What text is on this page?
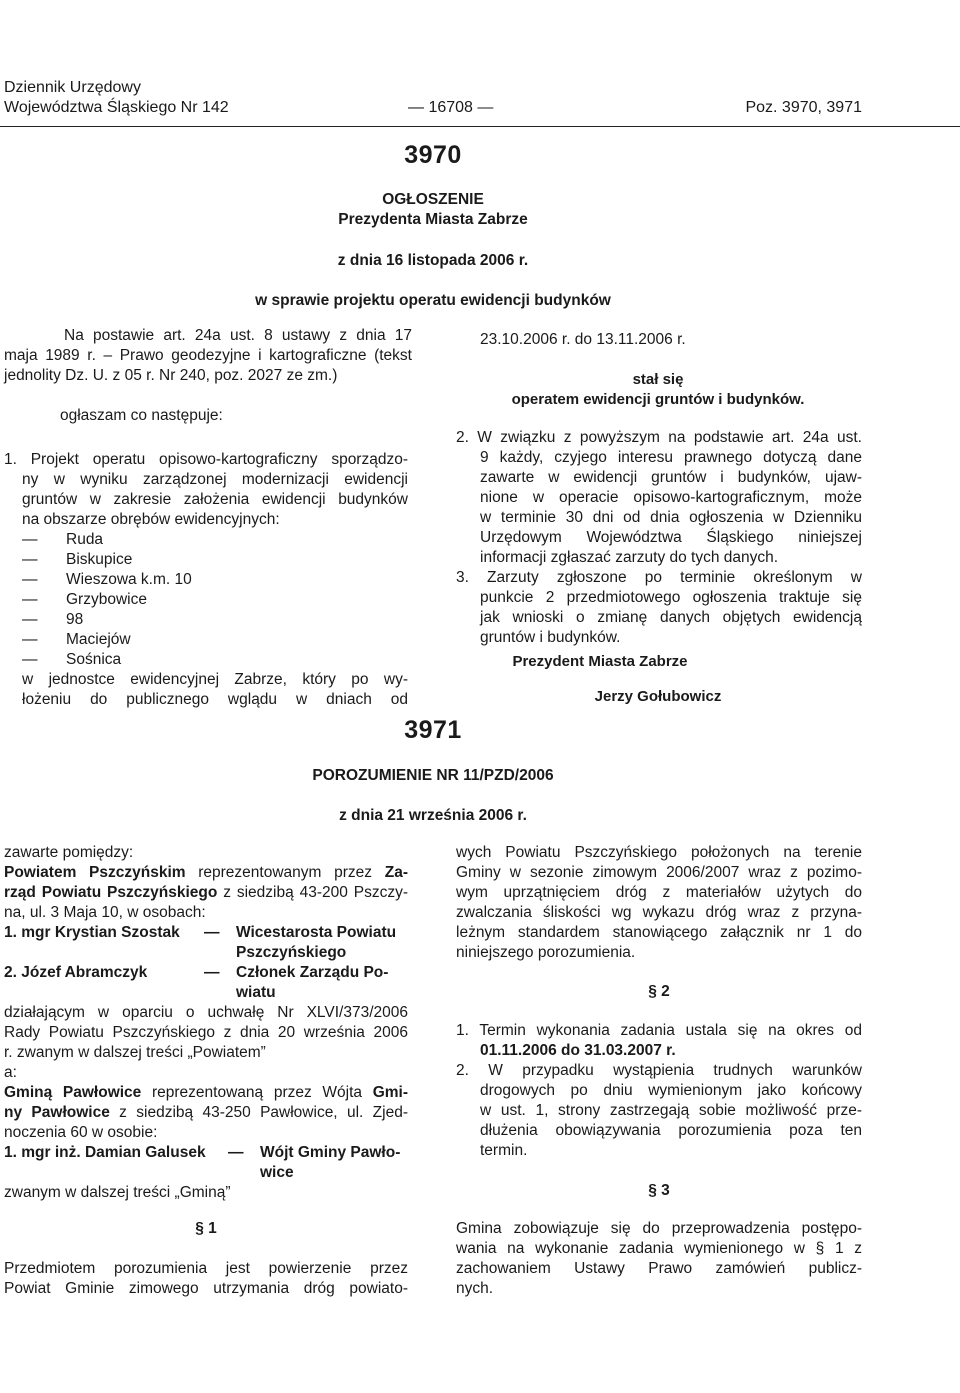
Dziennik Urzędowy
Województwa Śląskiego Nr 142	— 16708 —	Poz. 3970, 3971
3970
OGŁOSZENIE
Prezydenta Miasta Zabrze
z dnia 16 listopada 2006 r.
w sprawie projektu operatu ewidencji budynków
Na postawie art. 24a ust. 8 ustawy z dnia 17
maja 1989 r. – Prawo geodezyjne i kartograficzne (tekst
jednolity Dz. U. z 05 r. Nr 240, poz. 2027 ze zm.)
ogłaszam co następuje:
1. Projekt operatu opisowo-kartograficzny sporządzo-
ny w wyniku zarządzonej modernizacji ewidencji
gruntów w zakresie założenia ewidencji budynków
na obszarze obrębów ewidencyjnych:
— Ruda
— Biskupice
— Wieszowa k.m. 10
— Grzybowice
— 98
— Maciejów
— Sośnica
w jednostce ewidencyjnej Zabrze, który po wy-
łożeniu do publicznego wglądu w dniach od
23.10.2006 r. do 13.11.2006 r.
stał się
operatem ewidencji gruntów i budynków.
2. W związku z powyższym na podstawie art. 24a ust.
9 każdy, czyjego interesu prawnego dotyczą dane
zawarte w ewidencji gruntów i budynków, ujaw-
nione w operacie opisowo-kartograficznym, może
w terminie 30 dni od dnia ogłoszenia w Dzienniku
Urzędowym Województwa Śląskiego niniejszej
informacji zgłaszać zarzuty do tych danych.
3. Zarzuty zgłoszone po terminie określonym w
punkcie 2 przedmiotowego ogłoszenia traktuje się
jak wnioski o zmianę danych objętych ewidencją
gruntów i budynków.
Prezydent Miasta Zabrze
Jerzy Gołubowicz
3971
POROZUMIENIE NR 11/PZD/2006
z dnia 21 września 2006 r.
zawarte pomiędzy:
Powiatem Pszczyńskim reprezentowanym przez Za-
rząd Powiatu Pszczyńskiego z siedzibą 43-200 Pszczy-
na, ul. 3 Maja 10, w osobach:
1. mgr Krystian Szostak — Wicestarosta Powiatu
Pszczyńskiego
2. Józef Abramczyk	— Członek Zarządu Po-
wiatu
działającym w oparciu o uchwałę Nr XLVI/373/2006
Rady Powiatu Pszczyńskiego z dnia 20 września 2006
r. zwanym w dalszej treści „Powiatem”
a:
Gminą Pawłowice reprezentowaną przez Wójta Gmi-
ny Pawłowice z siedzibą 43-250 Pawłowice, ul. Zjed-
noczenia 60 w osobie:
1. mgr inż. Damian Galusek — Wójt Gminy Pawło-
wice
zwanym w dalszej treści „Gminą”
§ 1
Przedmiotem porozumienia jest powierzenie przez
Powiat Gminie zimowego utrzymania dróg powiato-
wych Powiatu Pszczyńskiego położonych na terenie
Gminy w sezonie zimowym 2006/2007 wraz z pozimo-
wym uprzątnięciem dróg z materiałów użytych do
zwalczania śliskości wg wykazu dróg wraz z przyna-
leżnym standardem stanowiącego załącznik nr 1 do
niniejszego porozumienia.
§ 2
1. Termin wykonania zadania ustala się na okres od
01.11.2006 do 31.03.2007 r.
2. W przypadku wystąpienia trudnych warunków
drogowych po dniu wymienionym jako końcowy
w ust. 1, strony zastrzegają sobie możliwość prze-
dłużenia obowiązywania porozumienia poza ten
termin.
§ 3
Gmina zobowiązuje się do przeprowadzenia postępo-
wania na wykonanie zadania wymienionego w § 1 z
zachowaniem Ustawy Prawo zamówień publicz-
nych.
